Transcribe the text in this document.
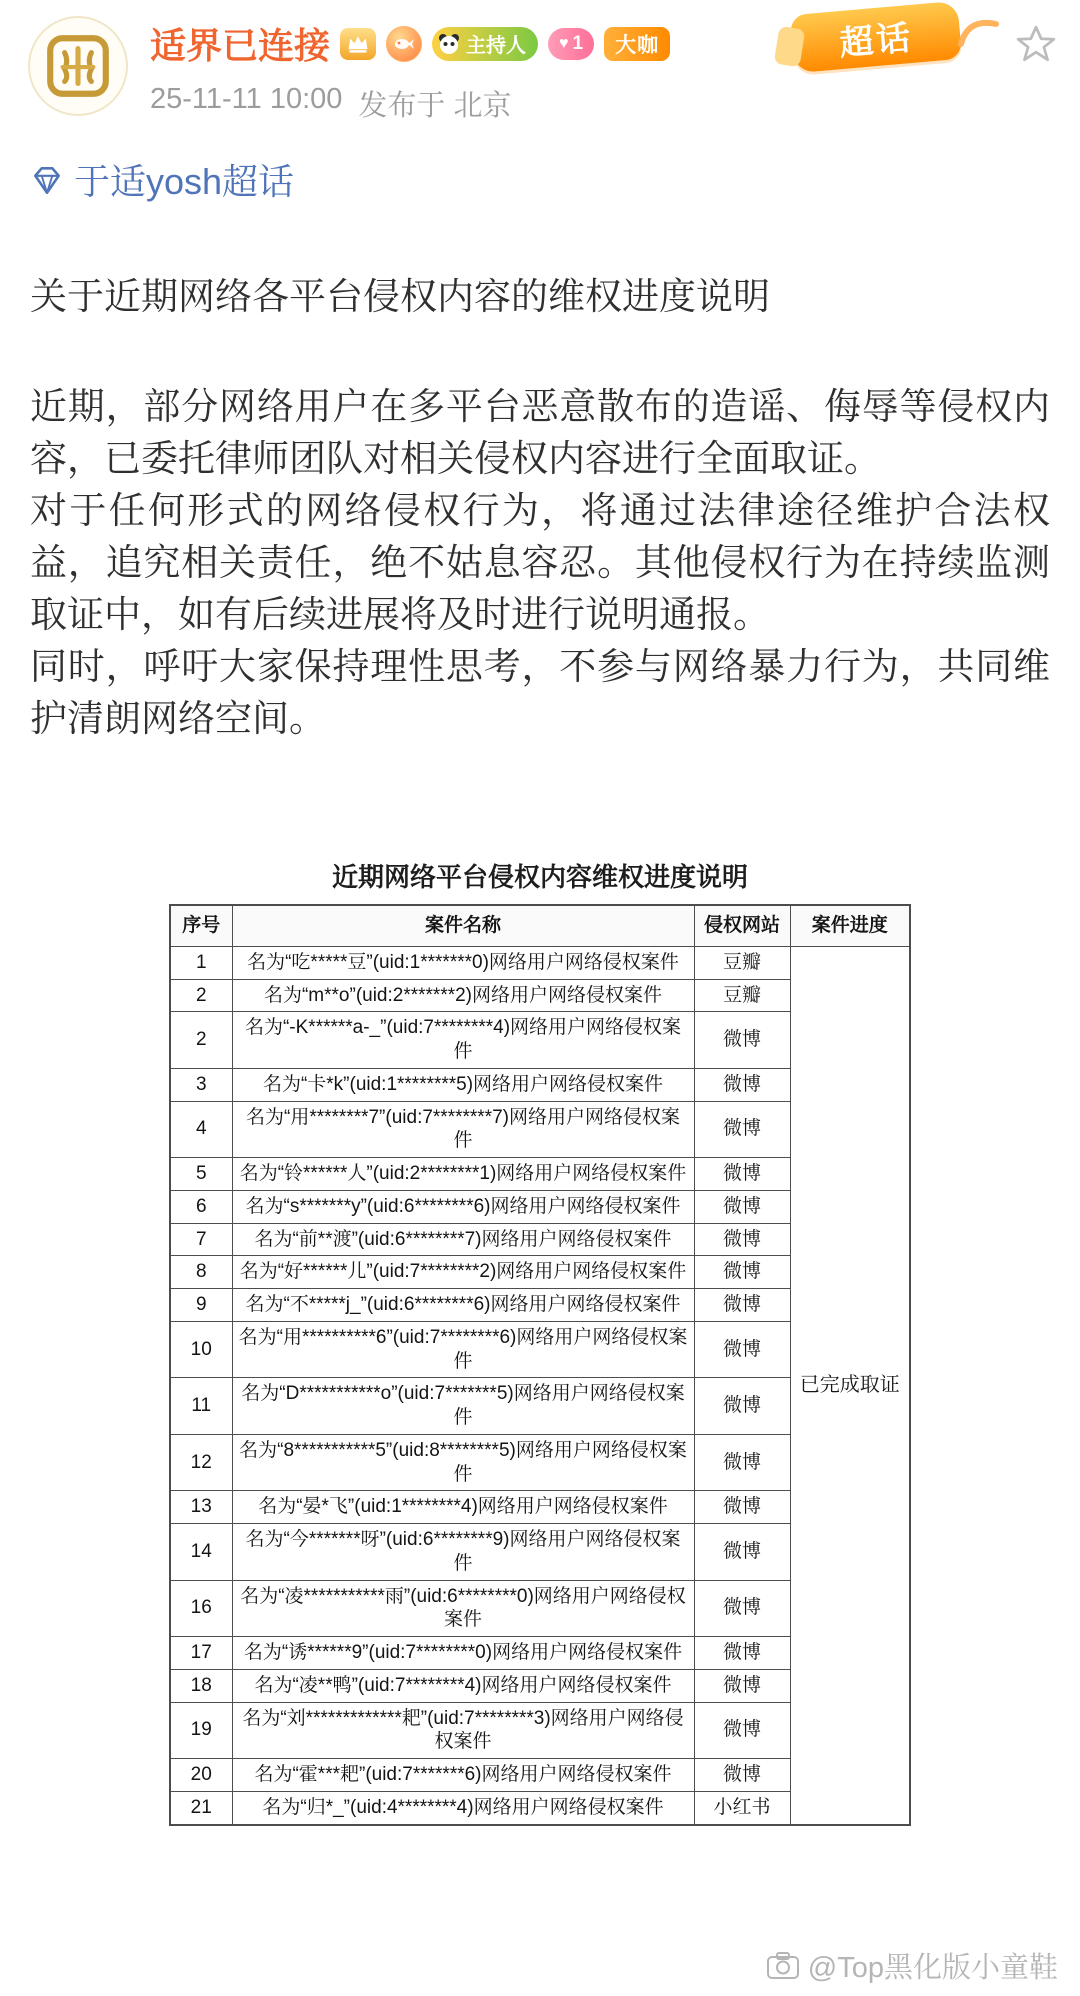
适界已连接	主持人 ♥ 1 大咖
25-11-11 10:00 发布于 北京
超话
于适yosh超话
关于近期网络各平台侵权内容的维权进度说明

近期，部分网络用户在多平台恶意散布的造谣、侮辱等侵权内容，已委托律师团队对相关侵权内容进行全面取证。

对于任何形式的网络侵权行为，将通过法律途径维护合法权益，追究相关责任，绝不姑息容忍。其他侵权行为在持续监测取证中，如有后续进展将及时进行说明通报。

同时，呼吁大家保持理性思考，不参与网络暴力行为，共同维护清朗网络空间。

近期网络平台侵权内容维权进度说明
序号	案件名称	侵权网站	案件进度
1	名为“吃*****豆”(uid:1*******0)网络用户网络侵权案件	豆瓣	已完成取证
2	名为“m**o”(uid:2*******2)网络用户网络侵权案件	豆瓣	
2	名为“-K******a-_”(uid:7********4)网络用户网络侵权案件	微博	
3	名为“卡*k”(uid:1********5)网络用户网络侵权案件	微博	
4	名为“用********7”(uid:7********7)网络用户网络侵权案件	微博	
5	名为“铃******人”(uid:2********1)网络用户网络侵权案件	微博	
6	名为“s*******y”(uid:6********6)网络用户网络侵权案件	微博	
7	名为“前**渡”(uid:6********7)网络用户网络侵权案件	微博	
8	名为“好******儿”(uid:7********2)网络用户网络侵权案件	微博	
9	名为“不*****j_”(uid:6********6)网络用户网络侵权案件	微博	
10	名为“用**********6”(uid:7********6)网络用户网络侵权案件	微博	
11	名为“D***********o”(uid:7*******5)网络用户网络侵权案件	微博	
12	名为“8***********5”(uid:8********5)网络用户网络侵权案件	微博	
13	名为“晏*飞”(uid:1********4)网络用户网络侵权案件	微博	
14	名为“今*******呀”(uid:6********9)网络用户网络侵权案件	微博	
16	名为“凌***********雨”(uid:6********0)网络用户网络侵权案件	微博	
17	名为“诱******9”(uid:7********0)网络用户网络侵权案件	微博	
18	名为“凌**鸭”(uid:7********4)网络用户网络侵权案件	微博	
19	名为“刘*************耙”(uid:7********3)网络用户网络侵权案件	微博	
20	名为“霍***耙”(uid:7*******6)网络用户网络侵权案件	微博	
21	名为“归*_”(uid:4********4)网络用户网络侵权案件	小红书	
@Top黑化版小童鞋
